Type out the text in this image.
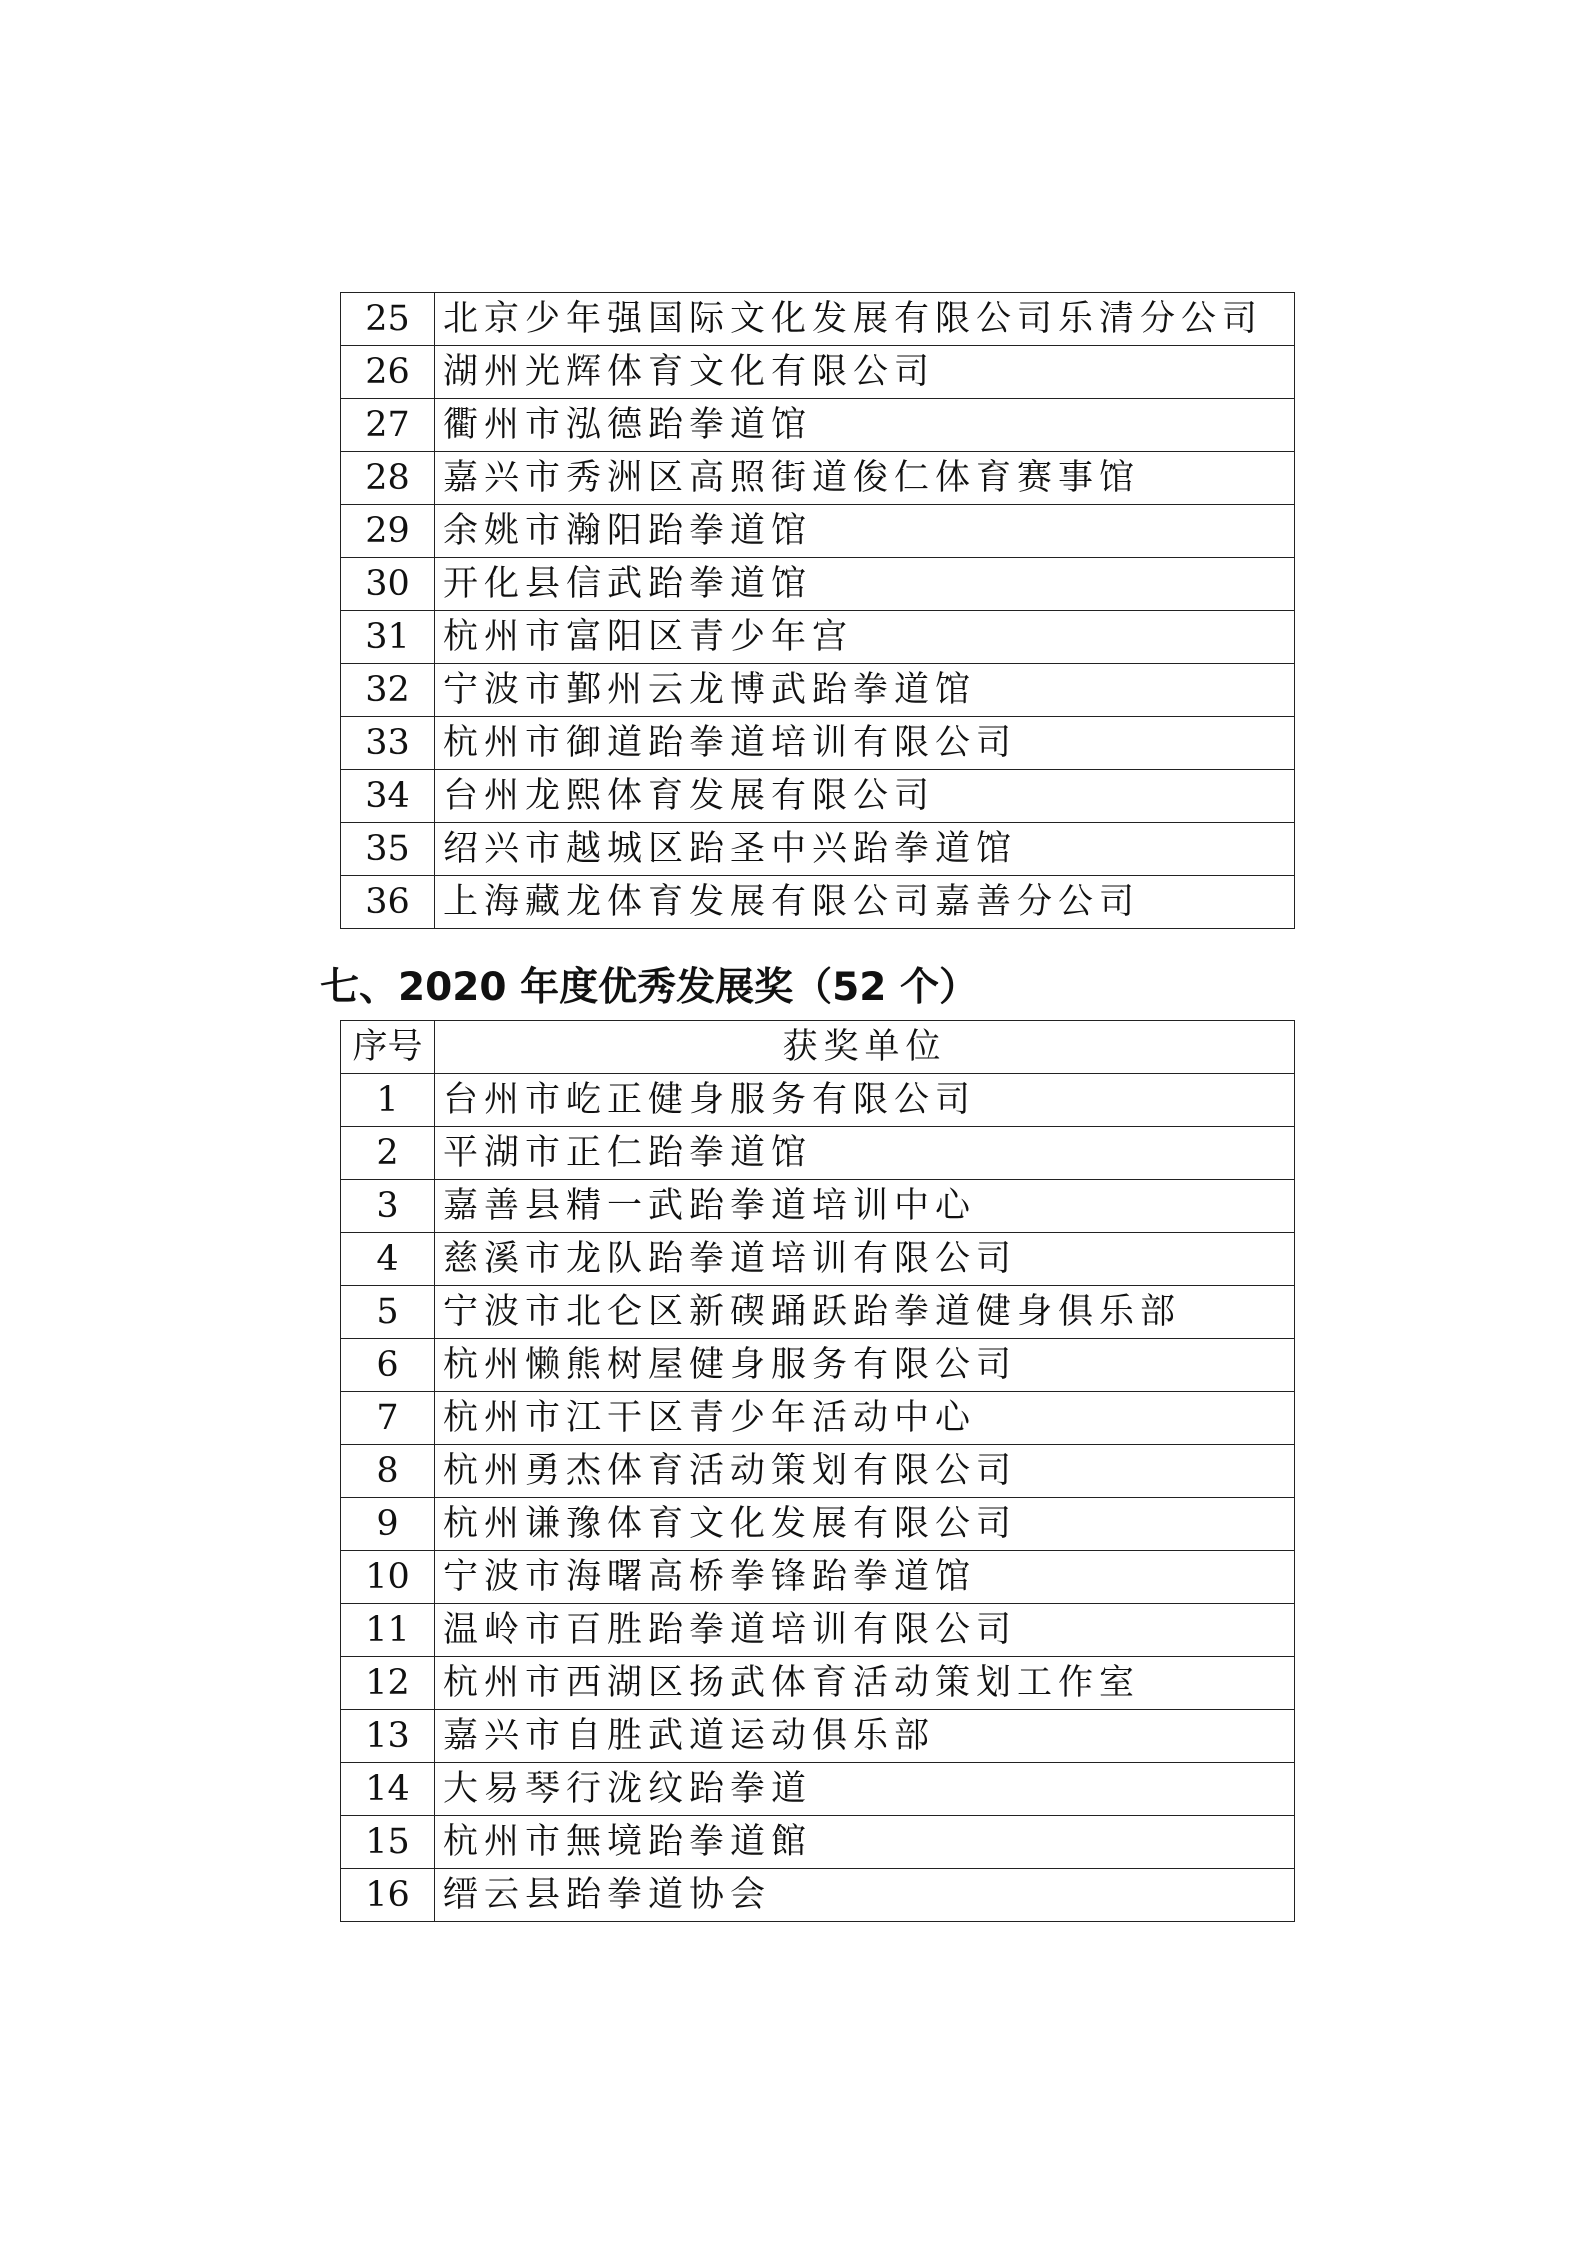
25	北京少年强国际文化发展有限公司乐清分公司
26	湖州光辉体育文化有限公司
27	衢州市泓德跆拳道馆
28	嘉兴市秀洲区高照街道俊仁体育赛事馆
29	余姚市瀚阳跆拳道馆
30	开化县信武跆拳道馆
31	杭州市富阳区青少年宫
32	宁波市鄞州云龙博武跆拳道馆
33	杭州市御道跆拳道培训有限公司
34	台州龙熙体育发展有限公司
35	绍兴市越城区跆圣中兴跆拳道馆
36	上海藏龙体育发展有限公司嘉善分公司
七、2020 年度优秀发展奖（52 个）
序号	获奖单位
1	台州市屹正健身服务有限公司
2	平湖市正仁跆拳道馆
3	嘉善县精一武跆拳道培训中心
4	慈溪市龙队跆拳道培训有限公司
5	宁波市北仑区新碶踊跃跆拳道健身俱乐部
6	杭州懒熊树屋健身服务有限公司
7	杭州市江干区青少年活动中心
8	杭州勇杰体育活动策划有限公司
9	杭州谦豫体育文化发展有限公司
10	宁波市海曙高桥拳锋跆拳道馆
11	温岭市百胜跆拳道培训有限公司
12	杭州市西湖区扬武体育活动策划工作室
13	嘉兴市自胜武道运动俱乐部
14	大易琴行泷纹跆拳道
15	杭州市無境跆拳道館
16	缙云县跆拳道协会
